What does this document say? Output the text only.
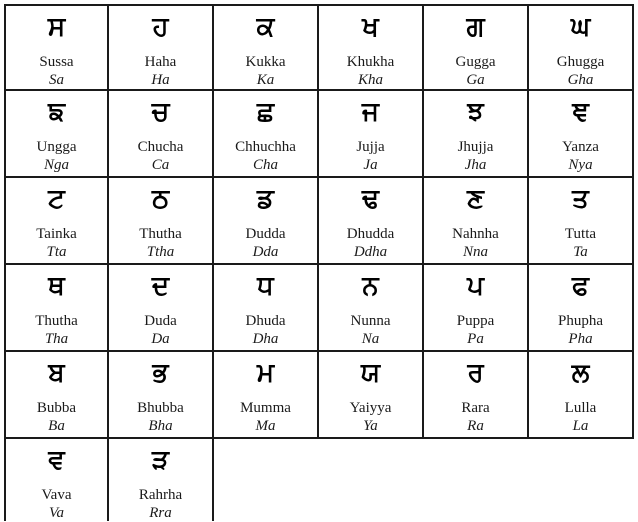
ਸ
Sussa
Sa
ਹ
Haha
Ha
ਕ
Kukka
Ka
ਖ
Khukha
Kha
ਗ
Gugga
Ga
ਘ
Ghugga
Gha
ਙ
Ungga
Nga
ਚ
Chucha
Ca
ਛ
Chhuchha
Cha
ਜ
Jujja
Ja
ਝ
Jhujja
Jha
ਞ
Yanza
Nya
ਟ
Tainka
Tta
ਠ
Thutha
Ttha
ਡ
Dudda
Dda
ਢ
Dhudda
Ddha
ਣ
Nahnha
Nna
ਤ
Tutta
Ta
ਥ
Thutha
Tha
ਦ
Duda
Da
ਧ
Dhuda
Dha
ਨ
Nunna
Na
ਪ
Puppa
Pa
ਫ
Phupha
Pha
ਬ
Bubba
Ba
ਭ
Bhubba
Bha
ਮ
Mumma
Ma
ਯ
Yaiyya
Ya
ਰ
Rara
Ra
ਲ
Lulla
La
ਵ
Vava
Va
ੜ
Rahrha
Rra
